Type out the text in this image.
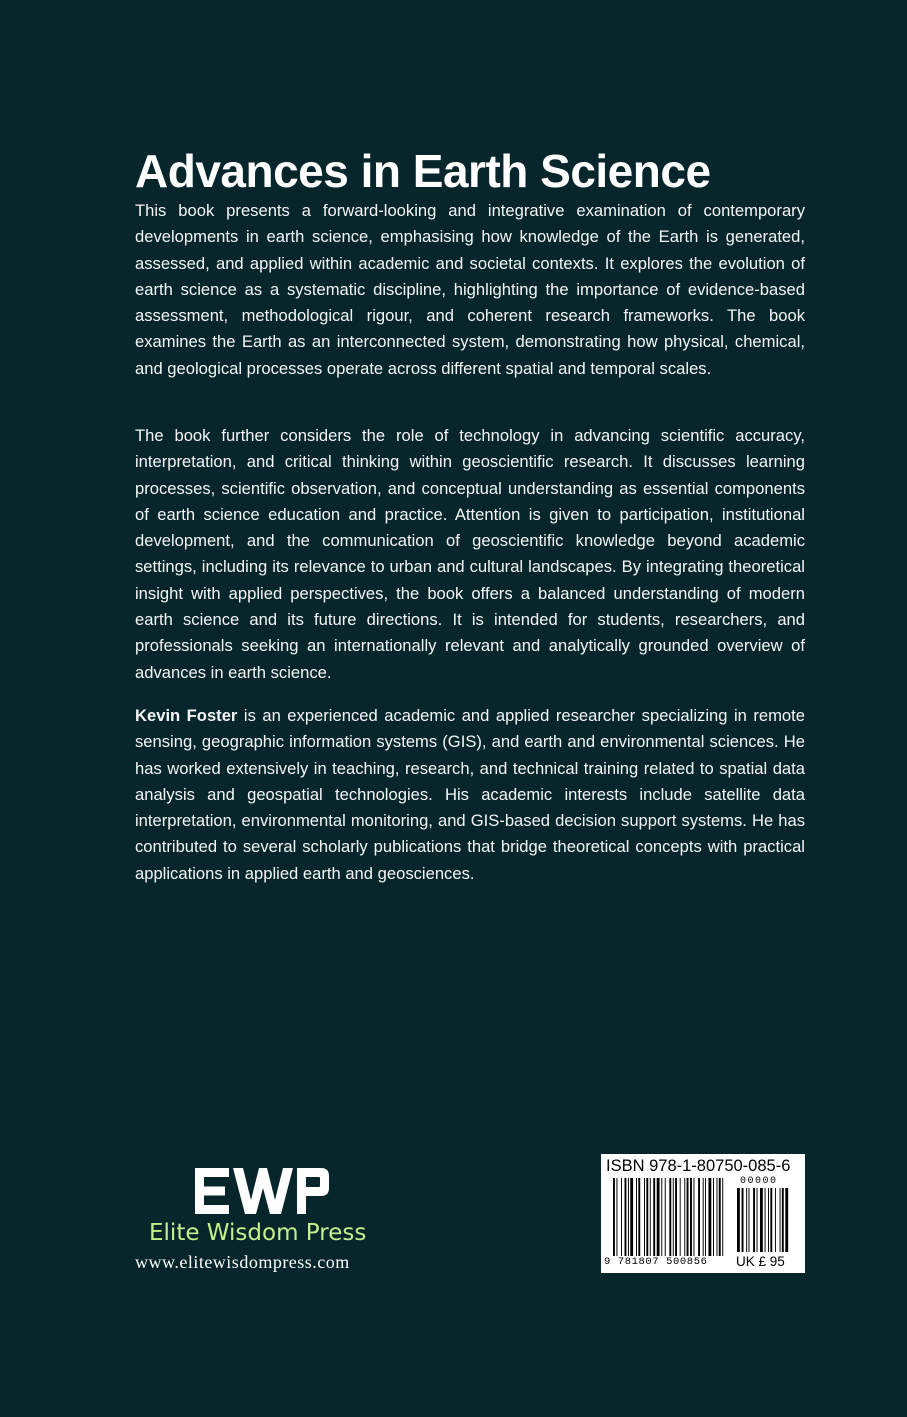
Advances in Earth Science

This book presents a forward-looking and integrative examination of contemporary developments in earth science, emphasising how knowledge of the Earth is generated, assessed, and applied within academic and societal contexts. It explores the evolution of earth science as a systematic discipline, highlighting the importance of evidence-based assessment, methodological rigour, and coherent research frameworks. The book examines the Earth as an interconnected system, demonstrating how physical, chemical, and geological processes operate across different spatial and temporal scales.

The book further considers the role of technology in advancing scientific accuracy, interpretation, and critical thinking within geoscientific research. It discusses learning processes, scientific observation, and conceptual understanding as essential components of earth science education and practice. Attention is given to participation, institutional development, and the communication of geoscientific knowledge beyond academic settings, including its relevance to urban and cultural landscapes. By integrating theoretical insight with applied perspectives, the book offers a balanced understanding of modern earth science and its future directions. It is intended for students, researchers, and professionals seeking an internationally relevant and analytically grounded overview of advances in earth science.

Kevin Foster is an experienced academic and applied researcher specializing in remote sensing, geographic information systems (GIS), and earth and environmental sciences. He has worked extensively in teaching, research, and technical training related to spatial data analysis and geospatial technologies. His academic interests include satellite data interpretation, environmental monitoring, and GIS-based decision support systems. He has contributed to several scholarly publications that bridge theoretical concepts with practical applications in applied earth and geosciences.

Elite Wisdom Press
www.elitewisdompress.com
ISBN 978-1-80750-085-6
00000
9 781807 500856 UK £ 95
